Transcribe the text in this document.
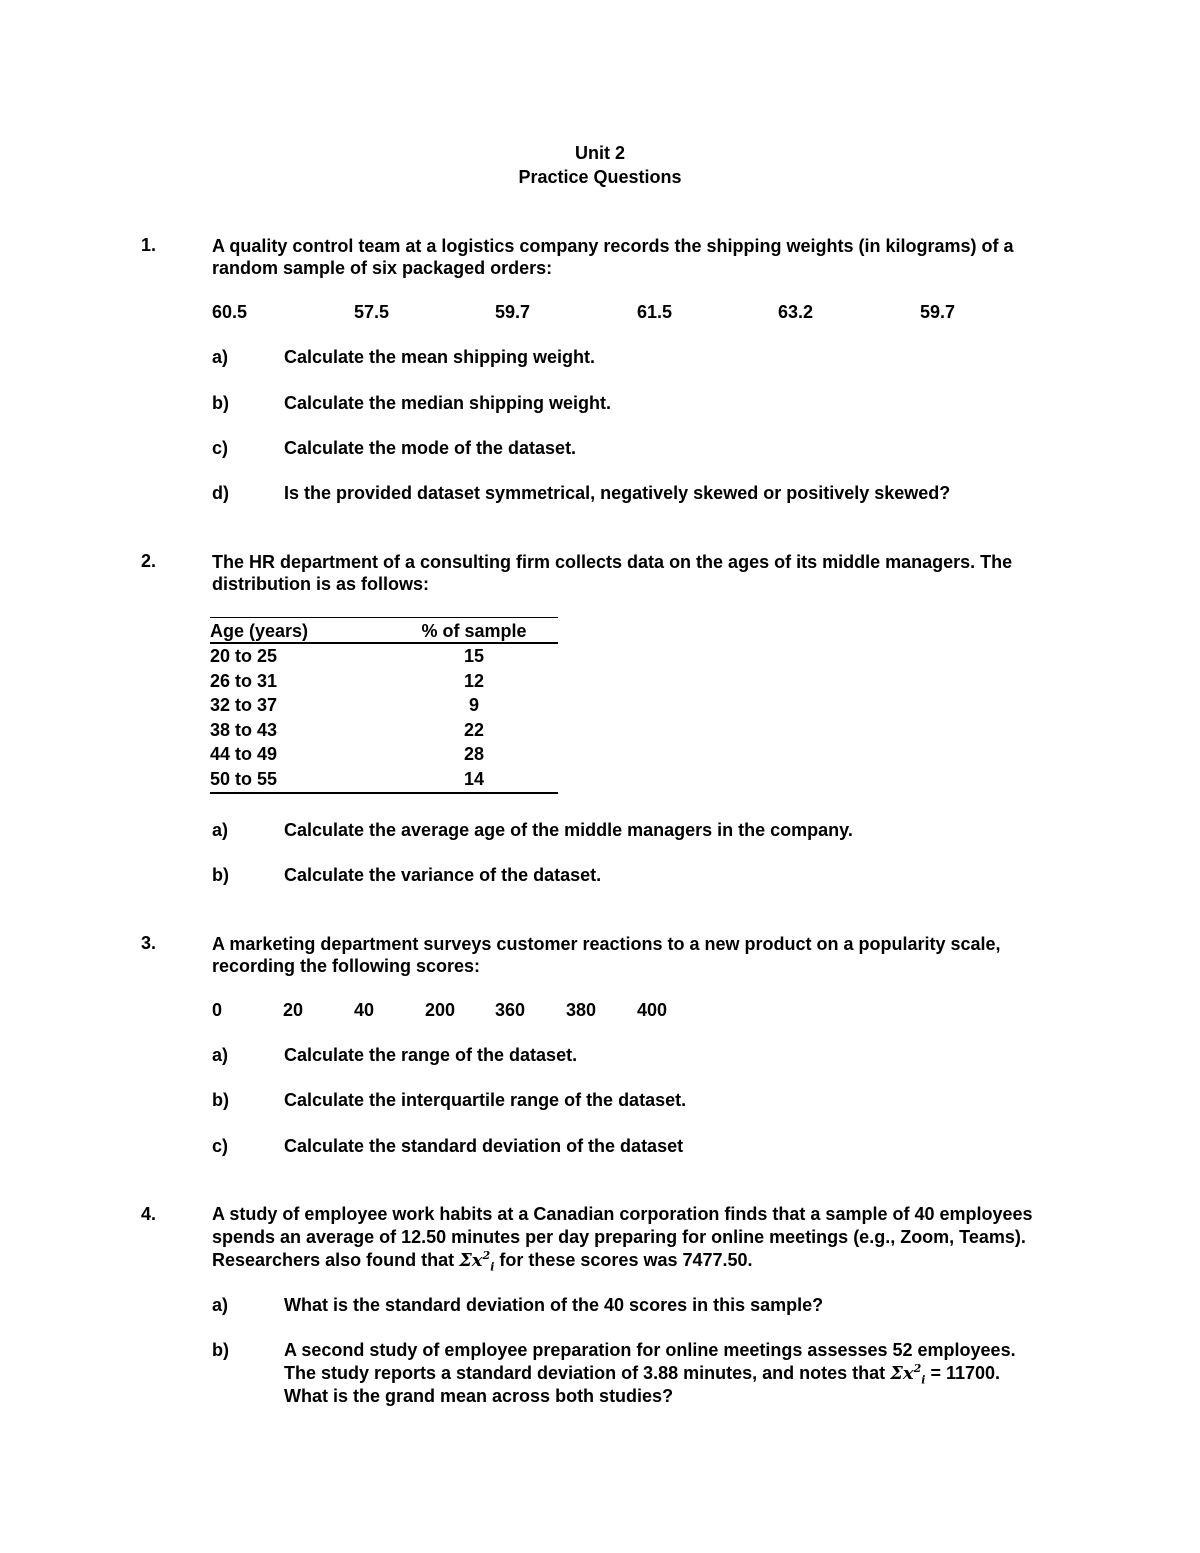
Unit 2
Practice Questions
1.	A quality control team at a logistics company records the shipping weights (in kilograms) of a random sample of six packaged orders:
60.5	57.5	59.7	61.5	63.2	59.7
a)	Calculate the mean shipping weight.
b)	Calculate the median shipping weight.
c)	Calculate the mode of the dataset.
d)	Is the provided dataset symmetrical, negatively skewed or positively skewed?
2.	The HR department of a consulting firm collects data on the ages of its middle managers. The distribution is as follows:
Age (years)	% of sample
20 to 25	15
26 to 31	12
32 to 37	9
38 to 43	22
44 to 49	28
50 to 55	14
a)	Calculate the average age of the middle managers in the company.
b)	Calculate the variance of the dataset.
3.	A marketing department surveys customer reactions to a new product on a popularity scale, recording the following scores:
0	20	40	200 360 380 400
a)	Calculate the range of the dataset.
b)	Calculate the interquartile range of the dataset.
c)	Calculate the standard deviation of the dataset
4.	A study of employee work habits at a Canadian corporation finds that a sample of 40 employees
spends an average of 12.50 minutes per day preparing for online meetings (e.g., Zoom, Teams).
Researchers also found that $\Sigma x^2_i$ for these scores was 7477.50.
a)	What is the standard deviation of the 40 scores in this sample?
b)	A second study of employee preparation for online meetings assesses 52 employees.
The study reports a standard deviation of 3.88 minutes, and notes that $\Sigma x^2_i = 11700$.
What is the grand mean across both studies?
